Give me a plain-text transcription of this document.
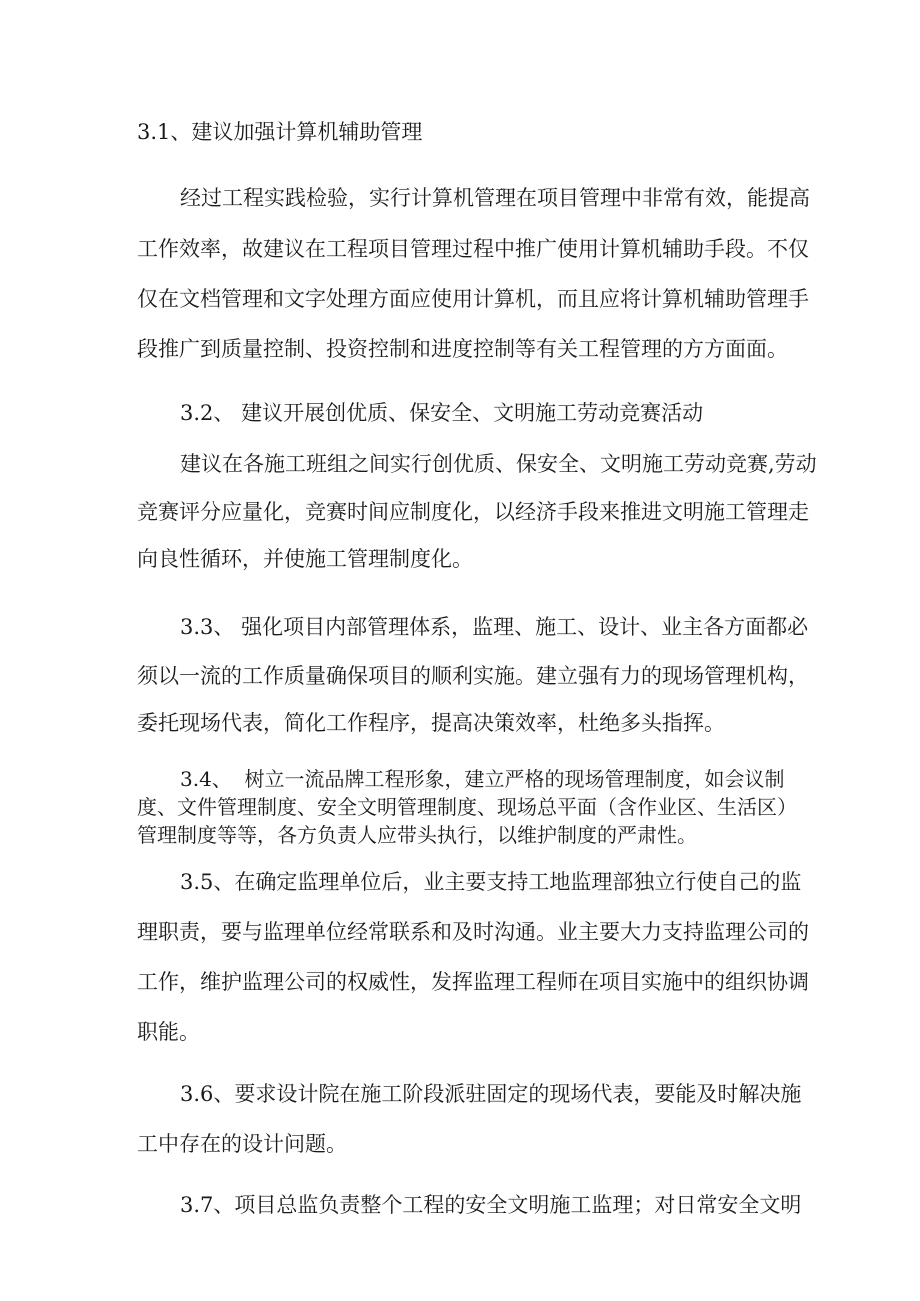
3.1、建议加强计算机辅助管理
经过工程实践检验，实行计算机管理在项目管理中非常有效，能提高
工作效率，故建议在工程项目管理过程中推广使用计算机辅助手段。不仅
仅在文档管理和文字处理方面应使用计算机，而且应将计算机辅助管理手
段推广到质量控制、投资控制和进度控制等有关工程管理的方方面面。
3.2、 建议开展创优质、保安全、文明施工劳动竞赛活动
建议在各施工班组之间实行创优质、保安全、文明施工劳动竞赛,劳动
竞赛评分应量化，竞赛时间应制度化，以经济手段来推进文明施工管理走
向良性循环，并使施工管理制度化。
3.3、 强化项目内部管理体系，监理、施工、设计、业主各方面都必
须以一流的工作质量确保项目的顺利实施。建立强有力的现场管理机构，
委托现场代表，简化工作程序，提高决策效率，杜绝多头指挥。
3.4、  树立一流品牌工程形象，建立严格的现场管理制度，如会议制
度、文件管理制度、安全文明管理制度、现场总平面（含作业区、生活区）
管理制度等等，各方负责人应带头执行，以维护制度的严肃性。
3.5、在确定监理单位后，业主要支持工地监理部独立行使自己的监
理职责，要与监理单位经常联系和及时沟通。业主要大力支持监理公司的
工作，维护监理公司的权威性，发挥监理工程师在项目实施中的组织协调
职能。
3.6、要求设计院在施工阶段派驻固定的现场代表，要能及时解决施
工中存在的设计问题。
3.7、项目总监负责整个工程的安全文明施工监理；对日常安全文明
